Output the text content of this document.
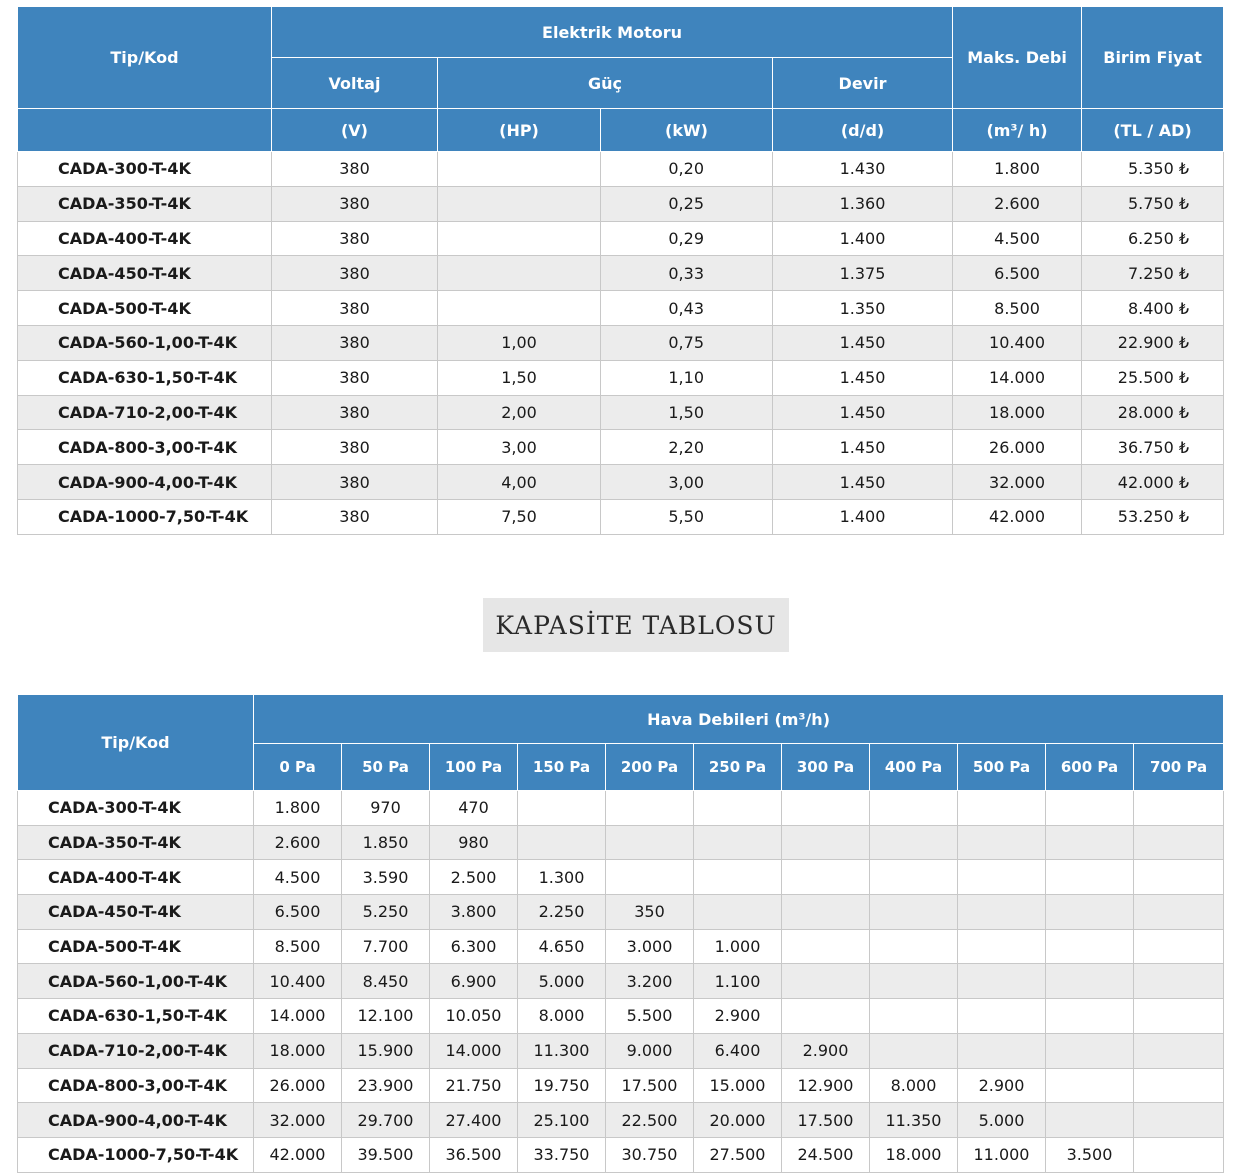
Tip/Kod	Elektrik Motoru				Maks. Debi	Birim Fiyat
	Voltaj	Güç		Devir		
	(V)	(HP)	(kW)	(d/d)	(m³/ h)	(TL / AD)
CADA-300-T-4K	380		0,20	1.430	1.800	5.350 ₺
CADA-350-T-4K	380		0,25	1.360	2.600	5.750 ₺
CADA-400-T-4K	380		0,29	1.400	4.500	6.250 ₺
CADA-450-T-4K	380		0,33	1.375	6.500	7.250 ₺
CADA-500-T-4K	380		0,43	1.350	8.500	8.400 ₺
CADA-560-1,00-T-4K	380	1,00	0,75	1.450	10.400	22.900 ₺
CADA-630-1,50-T-4K	380	1,50	1,10	1.450	14.000	25.500 ₺
CADA-710-2,00-T-4K	380	2,00	1,50	1.450	18.000	28.000 ₺
CADA-800-3,00-T-4K	380	3,00	2,20	1.450	26.000	36.750 ₺
CADA-900-4,00-T-4K	380	4,00	3,00	1.450	32.000	42.000 ₺
CADA-1000-7,50-T-4K	380	7,50	5,50	1.400	42.000	53.250 ₺
KAPASİTE TABLOSU
Tip/Kod	Hava Debileri (m³/h)										
	0 Pa	50 Pa	100 Pa	150 Pa	200 Pa	250 Pa	300 Pa	400 Pa	500 Pa	600 Pa	700 Pa
CADA-300-T-4K	1.800	970	470								
CADA-350-T-4K	2.600	1.850	980								
CADA-400-T-4K	4.500	3.590	2.500	1.300							
CADA-450-T-4K	6.500	5.250	3.800	2.250	350						
CADA-500-T-4K	8.500	7.700	6.300	4.650	3.000	1.000					
CADA-560-1,00-T-4K	10.400	8.450	6.900	5.000	3.200	1.100					
CADA-630-1,50-T-4K	14.000	12.100	10.050	8.000	5.500	2.900					
CADA-710-2,00-T-4K	18.000	15.900	14.000	11.300	9.000	6.400	2.900				
CADA-800-3,00-T-4K	26.000	23.900	21.750	19.750	17.500	15.000	12.900	8.000	2.900		
CADA-900-4,00-T-4K	32.000	29.700	27.400	25.100	22.500	20.000	17.500	11.350	5.000		
CADA-1000-7,50-T-4K	42.000	39.500	36.500	33.750	30.750	27.500	24.500	18.000	11.000	3.500	
